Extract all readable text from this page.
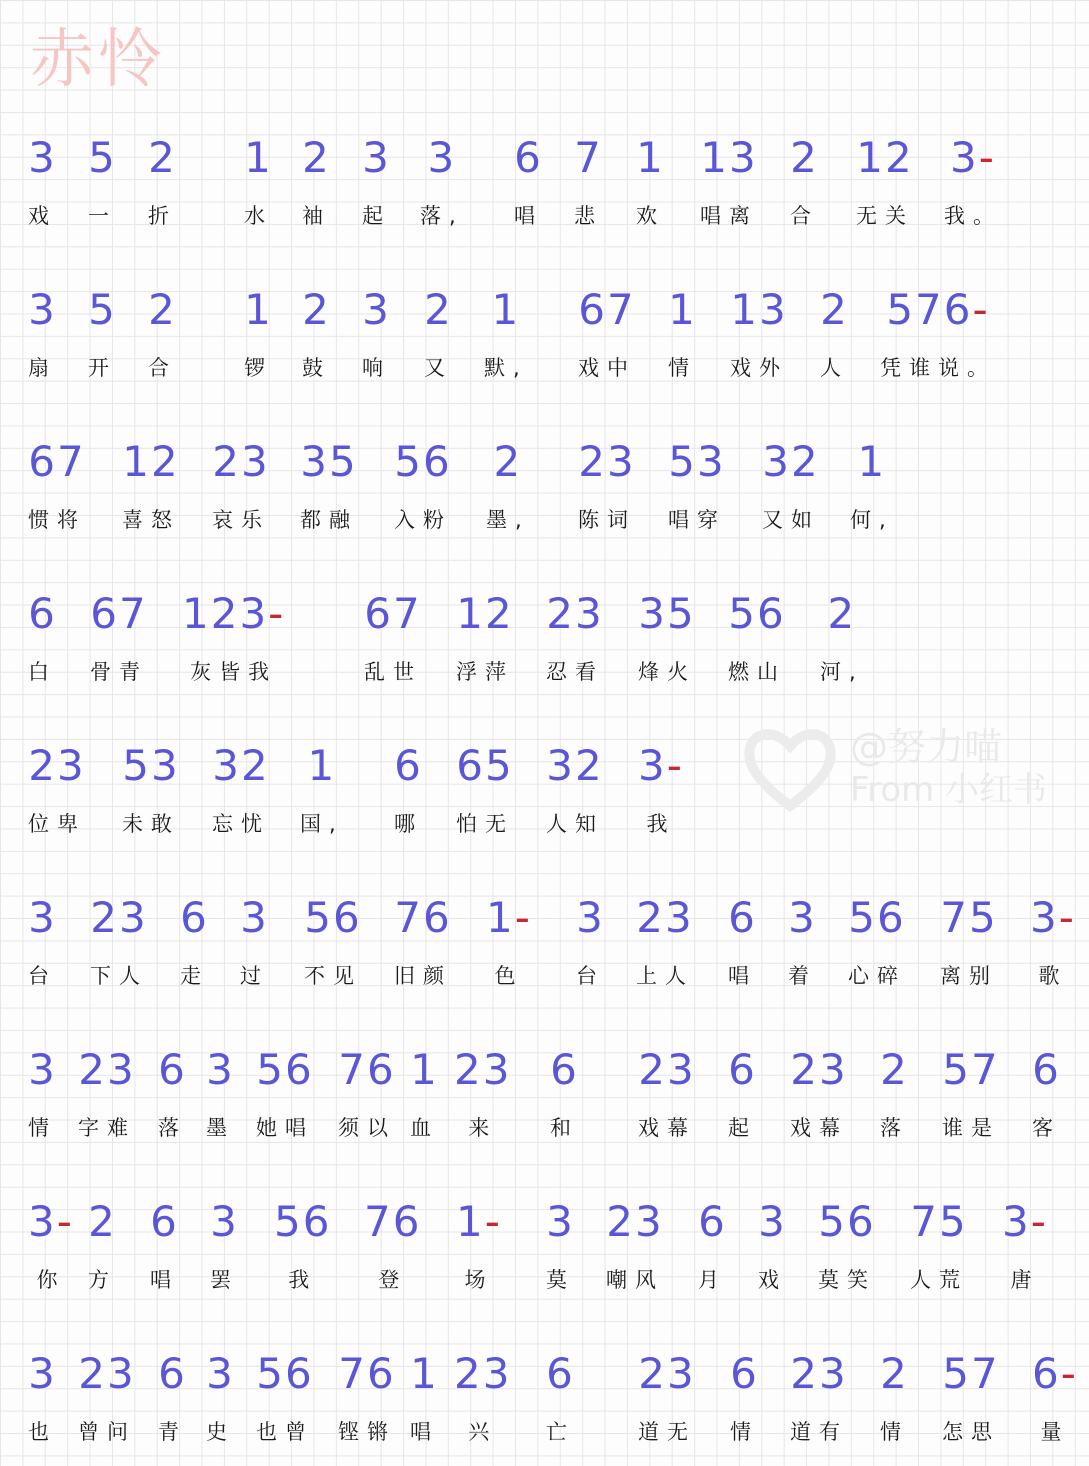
赤怜
@努力喵
From 小红书
3
戏
5
一
2
折
1
水
2
袖
3
起
3
落,
6
唱
7
悲
1
欢
13
唱离
2
合
12
无关
3-
我。
3
扇
5
开
2
合
1
锣
2
鼓
3
响
2
又
1
默,
67
戏中
1
情
13
戏外
2
人
576-
凭谁说。
67
惯将
12
喜怒
23
哀乐
35
都融
56
入粉
2
墨,
23
陈词
53
唱穿
32
又如
1
何,
6
白
67
骨青
123-
灰皆我
67
乱世
12
浮萍
23
忍看
35
烽火
56
燃山
2
河,
23
位卑
53
未敢
32
忘忧
1
国,
6
哪
65
怕无
32
人知
3-
我
3
台
23
下人
6
走
3
过
56
不见
76
旧颜
1-
色
3
台
23
上人
6
唱
3
着
56
心碎
75
离别
3-
歌
3
情
23
字难
6
落
3
墨
56
她唱
76
须以
1
血
23
来
6
和
23
戏幕
6
起
23
戏幕
2
落
57
谁是
6
客
3-
你
2
方
6
唱
3
罢
56
我
76
登
1-
场
3
莫
23
嘲风
6
月
3
戏
56
莫笑
75
人荒
3-
唐
3
也
23
曾问
6
青
3
史
56
也曾
76
铿锵
1
唱
23
兴
6
亡
23
道无
6
情
23
道有
2
情
57
怎思
6-
量
